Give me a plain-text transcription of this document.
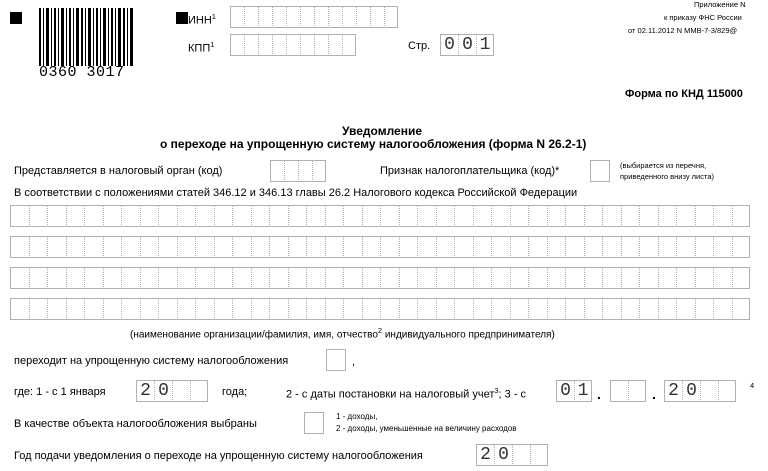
0360 3017
ИНН$^1$
КПП$^1$	Стр. 0 0 1
Приложение N
к приказу ФНС России
от 02.11.2012 N ММВ-7-3/829@
Форма по КНД 115000
Уведомление
о переходе на упрощенную систему налогообложения (форма N 26.2-1)
Представляется в налоговый орган (код)	Признак налогоплательщика (код)*	(выбирается из перечня,
приведенного внизу листа)
В соответствии с положениями статей 346.12 и 346.13 главы 26.2 Налогового кодекса Российской Федерации
(наименование организации/фамилия, имя, отчество$^2$ индивидуального предпринимателя)
переходит на упрощенную систему налогообложения	,
где: 1 - с 1 января 2 0	года;	2 - с даты постановки на налоговый учет$^3$; 3 - с 0 1 .	. 2 0	4
В качестве объекта налогообложения выбраны
1 - доходы,
2 - доходы, уменьшенные на величину расходов
Год подачи уведомления о переходе на упрощенную систему налогообложения	2 0
